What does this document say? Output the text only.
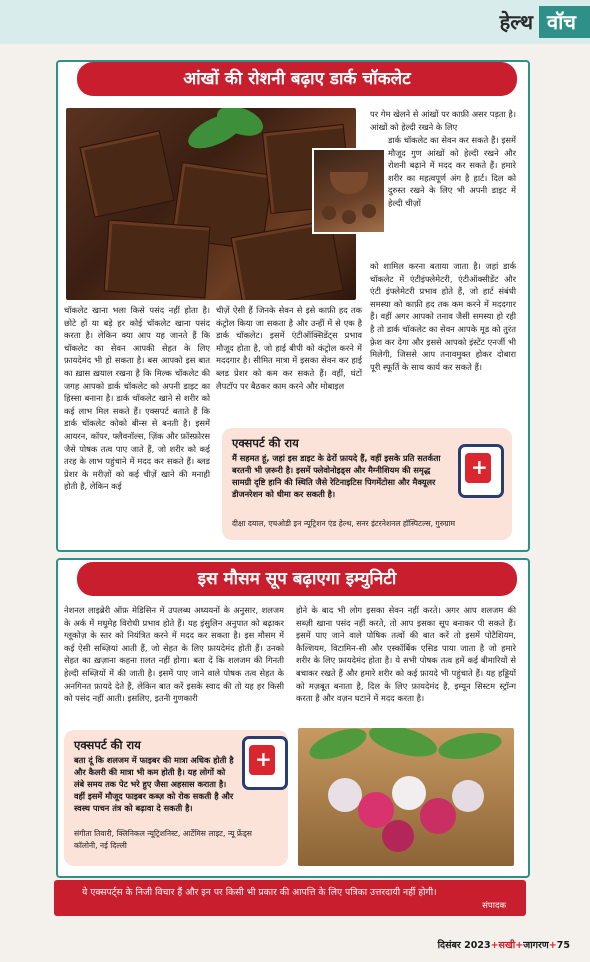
हेल्थ वॉच
आंखों की रोशनी बढ़ाए डार्क चॉकलेट
चॉकलेट खाना भला किसे पसंद नहीं होता है। छोटे हों या बड़े हर कोई चॉकलेट खाना पसंद करता है। लेकिन क्या आप यह जानते हैं कि चॉकलेट का सेवन आपकी सेहत के लिए फ़ायदेमंद भी हो सकता है। बस आपको इस बात का ख़ास ख़याल रखना है कि मिल्क चॉकलेट की जगह आपको डार्क चॉकलेट को अपनी डाइट का हिस्सा बनाना है। डार्क चॉकलेट खाने से शरीर को कई लाभ मिल सकते हैं। एक्सपर्ट बताते हैं कि डार्क चॉकलेट कोको बीन्स से बनती है। इसमें आयरन, कॉपर, फ्लैवनॉल्स, ज़िंक और फ़ॉस्फ़ोरस जैसे पोषक तत्व पाए जाते हैं, जो शरीर को कई तरह के लाभ पहुंचाने में मदद कर सकते हैं। ब्लड प्रेशर के मरीज़ों को कई चीज़ें खाने की मनाही होती है, लेकिन कई
चीज़ें ऐसी हैं जिनके सेवन से इसे काफ़ी हद तक कंट्रोल किया जा सकता है और उन्हीं में से एक है डार्क चॉकलेट। इसमें एंटीऑक्सिडेंट्स प्रभाव मौजूद होता है, जो हाई बीपी को कंट्रोल करने में मददगार है। सीमित मात्रा में इसका सेवन कर हाई ब्लड प्रेशर को कम कर सकते हैं। वहीं, घंटों लैपटॉप पर बैठकर काम करने और मोबाइल
पर गेम खेलने से आंखों पर काफ़ी असर पड़ता है। आंखों को हेल्दी रखने के लिए
डार्क चॉकलेट का सेवन कर सकते हैं। इसमें मौजूद गुण आंखों को हेल्दी रखने और रोशनी बढ़ाने में मदद कर सकते हैं। हमारे शरीर का महत्वपूर्ण अंग है हार्ट। दिल को दुरुस्त रखने के लिए भी अपनी डाइट में हेल्दी चीज़ों
को शामिल करना बताया जाता है। जहां डार्क चॉकलेट में एंटीइंफ्लेमेटरी, एंटीऑक्सीडेंट और एंटी इंफ्लेमेटरी प्रभाव होते हैं, जो हार्ट संबंधी समस्या को काफ़ी हद तक कम करने में मददगार हैं। वहीं अगर आपको तनाव जैसी समस्या हो रही है तो डार्क चॉकलेट का सेवन आपके मूड को तुरंत फ़्रेश कर देगा और इससे आपको इंस्टेंट एनर्जी भी मिलेगी, जिससे आप तनावमुक्त होकर दोबारा पूरी स्फूर्ति के साथ कार्य कर सकते हैं।
एक्सपर्ट की राय
मैं सहमत हूं, जहां इस डाइट के ढेरों फ़ायदे हैं, वहीं इसके प्रति सतर्कता बरतनी भी ज़रूरी है। इसमें फ्लेवोनोइड्स और मैग्नीशियम की समृद्ध सामग्री दृष्टि हानि की स्थिति जैसे रेटिनाइटिस पिगमेंटोसा और मैक्यूलर डीजनरेशन को धीमा कर सकती है।
दीक्षा दयाल, एचओडी इन न्यूट्रिशन एंड हेल्थ, सनर इंटरनेशनल हॉस्पिटल्स, गुरुग्राम
+
इस मौसम सूप बढ़ाएगा इम्युनिटी
नेशनल लाइब्रेरी ऑफ़ मेडिसिन में उपलब्ध अध्ययनों के अनुसार, शलजम के अर्क में मधुमेह विरोधी प्रभाव होते हैं। यह इंसुलिन अनुपात को बढ़ाकर ग्लूकोज़ के स्तर को नियंत्रित करने में मदद कर सकता है। इस मौसम में कई ऐसी सब्ज़ियां आती हैं, जो सेहत के लिए फ़ायदेमंद होती हैं। उनको सेहत का ख़ज़ाना कहना ग़लत नहीं होगा। बता दें कि शलजम की गिनती हेल्दी सब्ज़ियों में की जाती है। इसमें पाए जाने वाले पोषक तत्व सेहत के अनगिनत फ़ायदे देते हैं, लेकिन बात करें इसके स्वाद की तो यह हर किसी को पसंद नहीं आती। इसलिए, इतनी गुणकारी
होने के बाद भी लोग इसका सेवन नहीं करते। अगर आप शलजम की सब्ज़ी खाना पसंद नहीं करते, तो आप इसका सूप बनाकर पी सकते हैं। इसमें पाए जाने वाले पोषिक तत्वों की बात करें तो इसमें पोटैशियम, कैल्शियम, विटामिन-सी और एस्कॉर्बिक एसिड पाया जाता है जो हमारे शरीर के लिए फ़ायदेमंद होता है। ये सभी पोषक तत्व हमें कई बीमारियों से बचाकर रखते हैं और हमारे शरीर को कई फ़ायदे भी पहुंचाते हैं। यह हड्डियों को मज़बूत बनाता है, दिल के लिए फ़ायदेमंद है, इम्यून सिस्टम स्ट्रॉन्ग करता है और वज़न घटाने में मदद करता है।
एक्सपर्ट की राय
बता दूं कि शलजम में फाइबर की मात्रा अधिक होती है और कैलरी की मात्रा भी कम होती है। यह लोगों को लंबे समय तक पेट भरे हुए जैसा अहसास कराता है। वहीं इसमें मौजूद फाइबर कब्ज़ को रोक सकती है और स्वस्थ पाचन तंत्र को बढ़ावा दे सकती है।
संगीता तिवारी, क्लिनिकल न्यूट्रिशनिस्ट, आर्टेमिस लाइट, न्यू फ्रेंड्स कॉलोनी, नई दिल्ली
+
ये एक्सपर्ट्स के निजी विचार हैं और इन पर किसी भी प्रकार की आपत्ति के लिए पत्रिका उत्तरदायी नहीं होगी।
संपादक
दिसंबर 2023+सखी+जागरण+75
